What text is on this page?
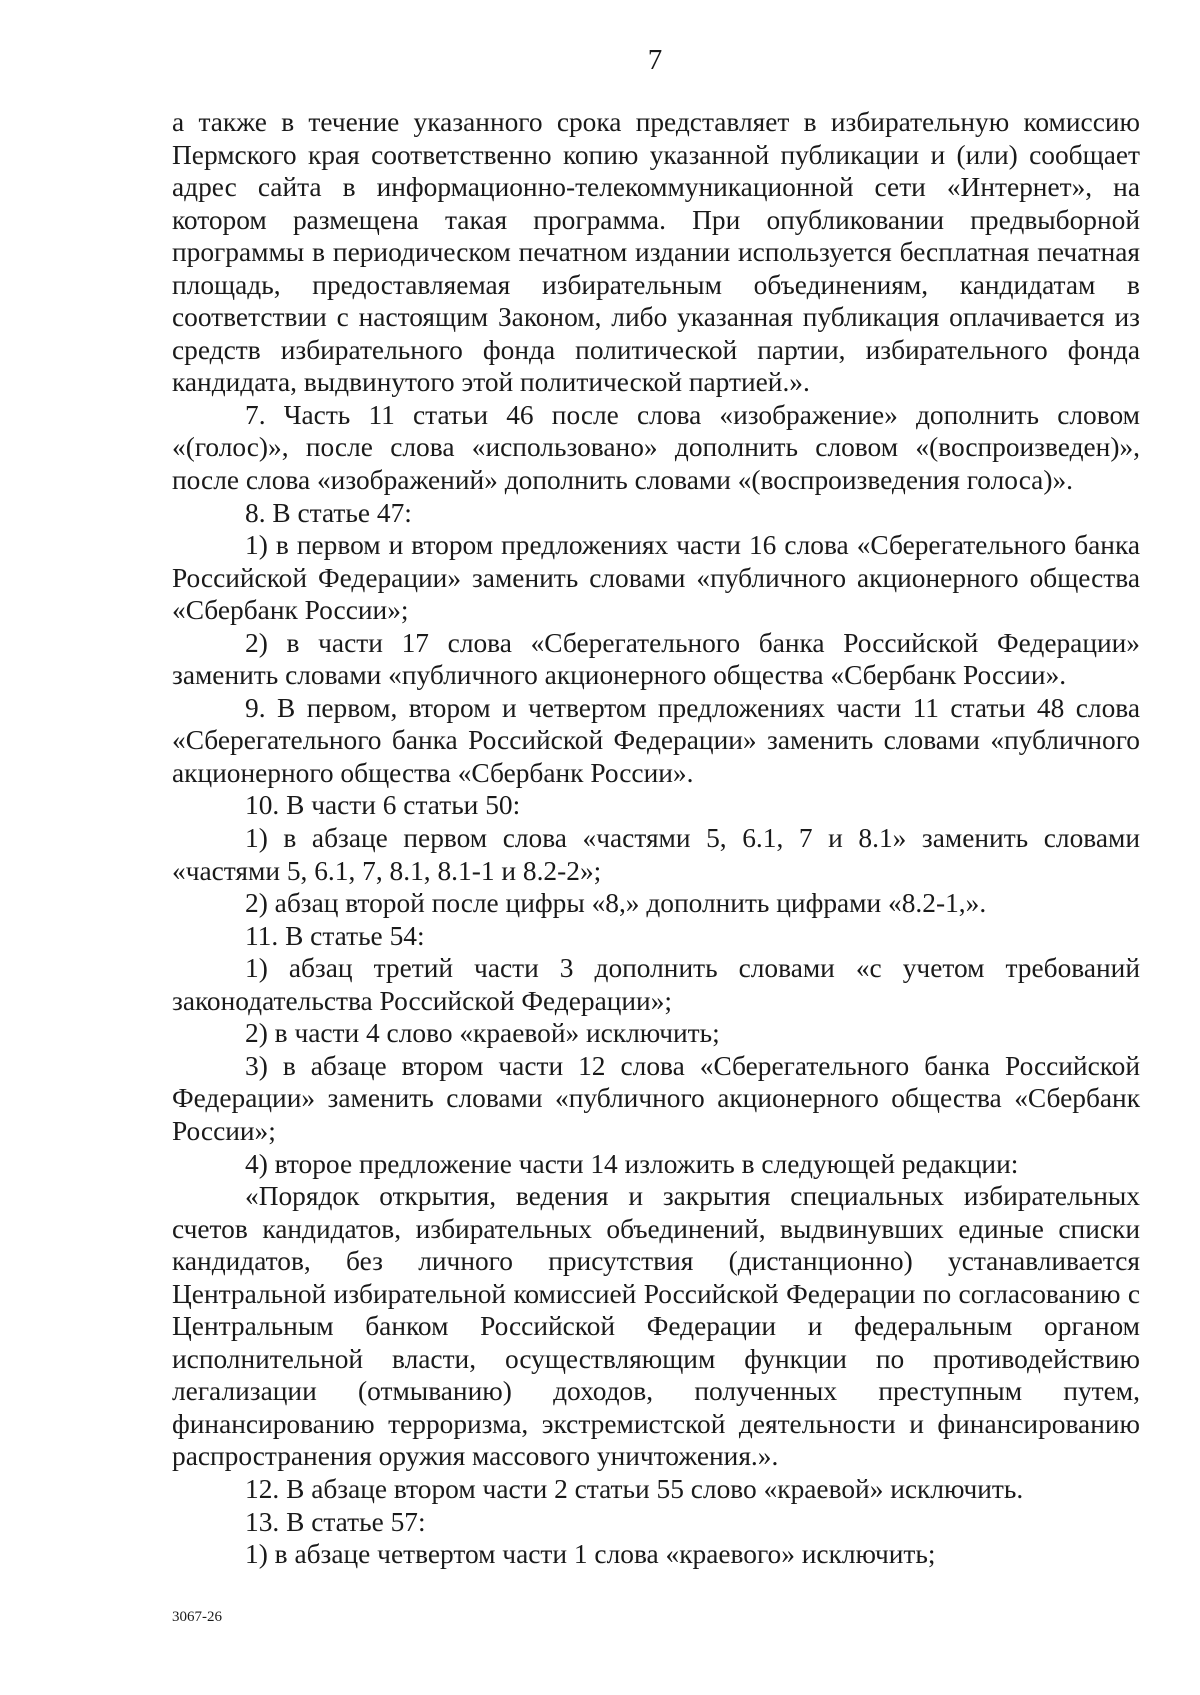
7

а также в течение указанного срока представляет в избирательную комиссию Пермского края соответственно копию указанной публикации и (или) сообщает адрес сайта в информационно-телекоммуникационной сети «Интернет», на котором размещена такая программа. При опубликовании предвыборной программы в периодическом печатном издании используется бесплатная печатная площадь, предоставляемая избирательным объединениям, кандидатам в соответствии с настоящим Законом, либо указанная публикация оплачивается из средств избирательного фонда политической партии, избирательного фонда кандидата, выдвинутого этой политической партией.».

7. Часть 11 статьи 46 после слова «изображение» дополнить словом «(голос)», после слова «использовано» дополнить словом «(воспроизведен)», после слова «изображений» дополнить словами «(воспроизведения голоса)».

8. В статье 47:

1) в первом и втором предложениях части 16 слова «Сберегательного банка Российской Федерации» заменить словами «публичного акционерного общества «Сбербанк России»;

2) в части 17 слова «Сберегательного банка Российской Федерации» заменить словами «публичного акционерного общества «Сбербанк России».

9. В первом, втором и четвертом предложениях части 11 статьи 48 слова «Сберегательного банка Российской Федерации» заменить словами «публичного акционерного общества «Сбербанк России».

10. В части 6 статьи 50:

1) в абзаце первом слова «частями 5, 6.1, 7 и 8.1» заменить словами «частями 5, 6.1, 7, 8.1, 8.1-1 и 8.2-2»;

2) абзац второй после цифры «8,» дополнить цифрами «8.2-1,».

11. В статье 54:

1) абзац третий части 3 дополнить словами «с учетом требований законодательства Российской Федерации»;

2) в части 4 слово «краевой» исключить;

3) в абзаце втором части 12 слова «Сберегательного банка Российской Федерации» заменить словами «публичного акционерного общества «Сбербанк России»;

4) второе предложение части 14 изложить в следующей редакции:

«Порядок открытия, ведения и закрытия специальных избирательных счетов кандидатов, избирательных объединений, выдвинувших единые списки кандидатов, без личного присутствия (дистанционно) устанавливается Центральной избирательной комиссией Российской Федерации по согласованию с Центральным банком Российской Федерации и федеральным органом исполнительной власти, осуществляющим функции по противодействию легализации (отмыванию) доходов, полученных преступным путем, финансированию терроризма, экстремистской деятельности и финансированию распространения оружия массового уничтожения.».

12. В абзаце втором части 2 статьи 55 слово «краевой» исключить.

13. В статье 57:

1) в абзаце четвертом части 1 слова «краевого» исключить;

3067-26
